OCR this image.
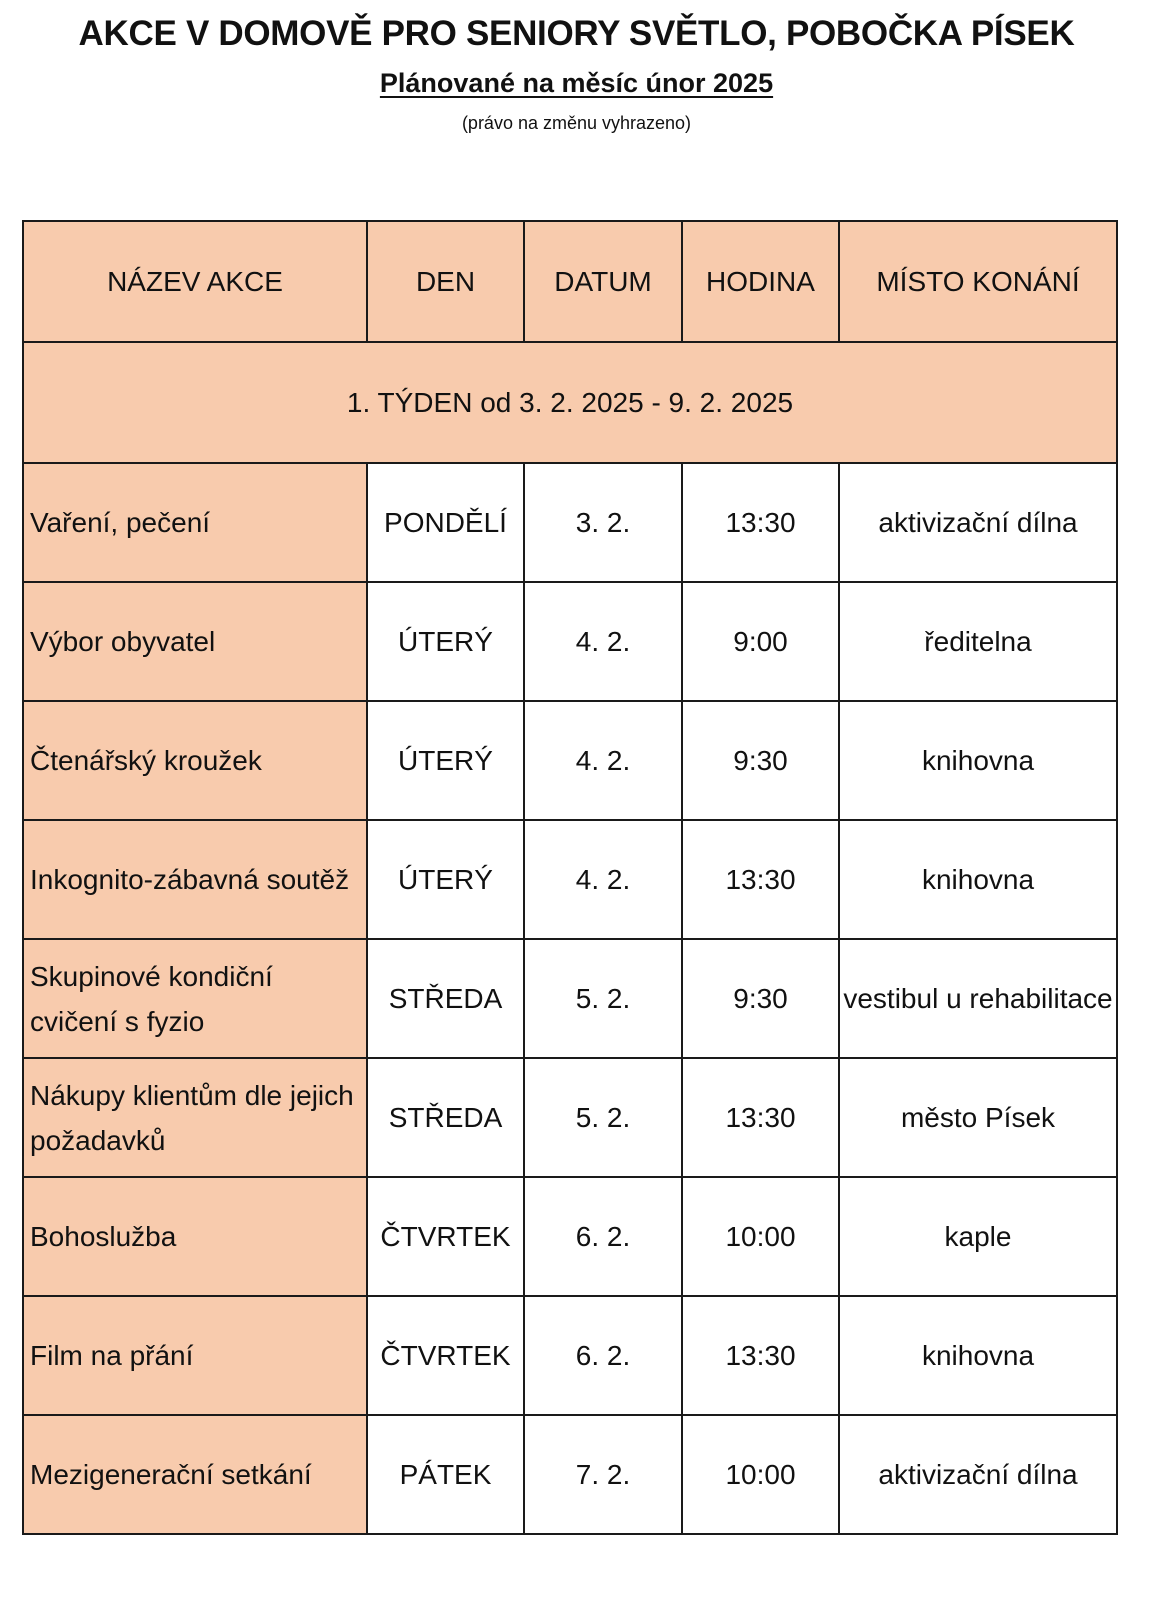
AKCE V DOMOVĚ PRO SENIORY SVĚTLO, POBOČKA PÍSEK
Plánované na měsíc únor 2025
(právo na změnu vyhrazeno)
NÁZEV AKCE	DEN	DATUM	HODINA	MÍSTO KONÁNÍ
1. TÝDEN od 3. 2. 2025 - 9. 2. 2025				
Vaření, pečení	PONDĚLÍ	3. 2.	13:30	aktivizační dílna
Výbor obyvatel	ÚTERÝ	4. 2.	9:00	ředitelna
Čtenářský kroužek	ÚTERÝ	4. 2.	9:30	knihovna
Inkognito-zábavná soutěž	ÚTERÝ	4. 2.	13:30	knihovna
Skupinové kondiční cvičení s fyzio	STŘEDA	5. 2.	9:30	vestibul u rehabilitace
Nákupy klientům dle jejich požadavků	STŘEDA	5. 2.	13:30	město Písek
Bohoslužba	ČTVRTEK	6. 2.	10:00	kaple
Film na přání	ČTVRTEK	6. 2.	13:30	knihovna
Mezigenerační setkání	PÁTEK	7. 2.	10:00	aktivizační dílna
